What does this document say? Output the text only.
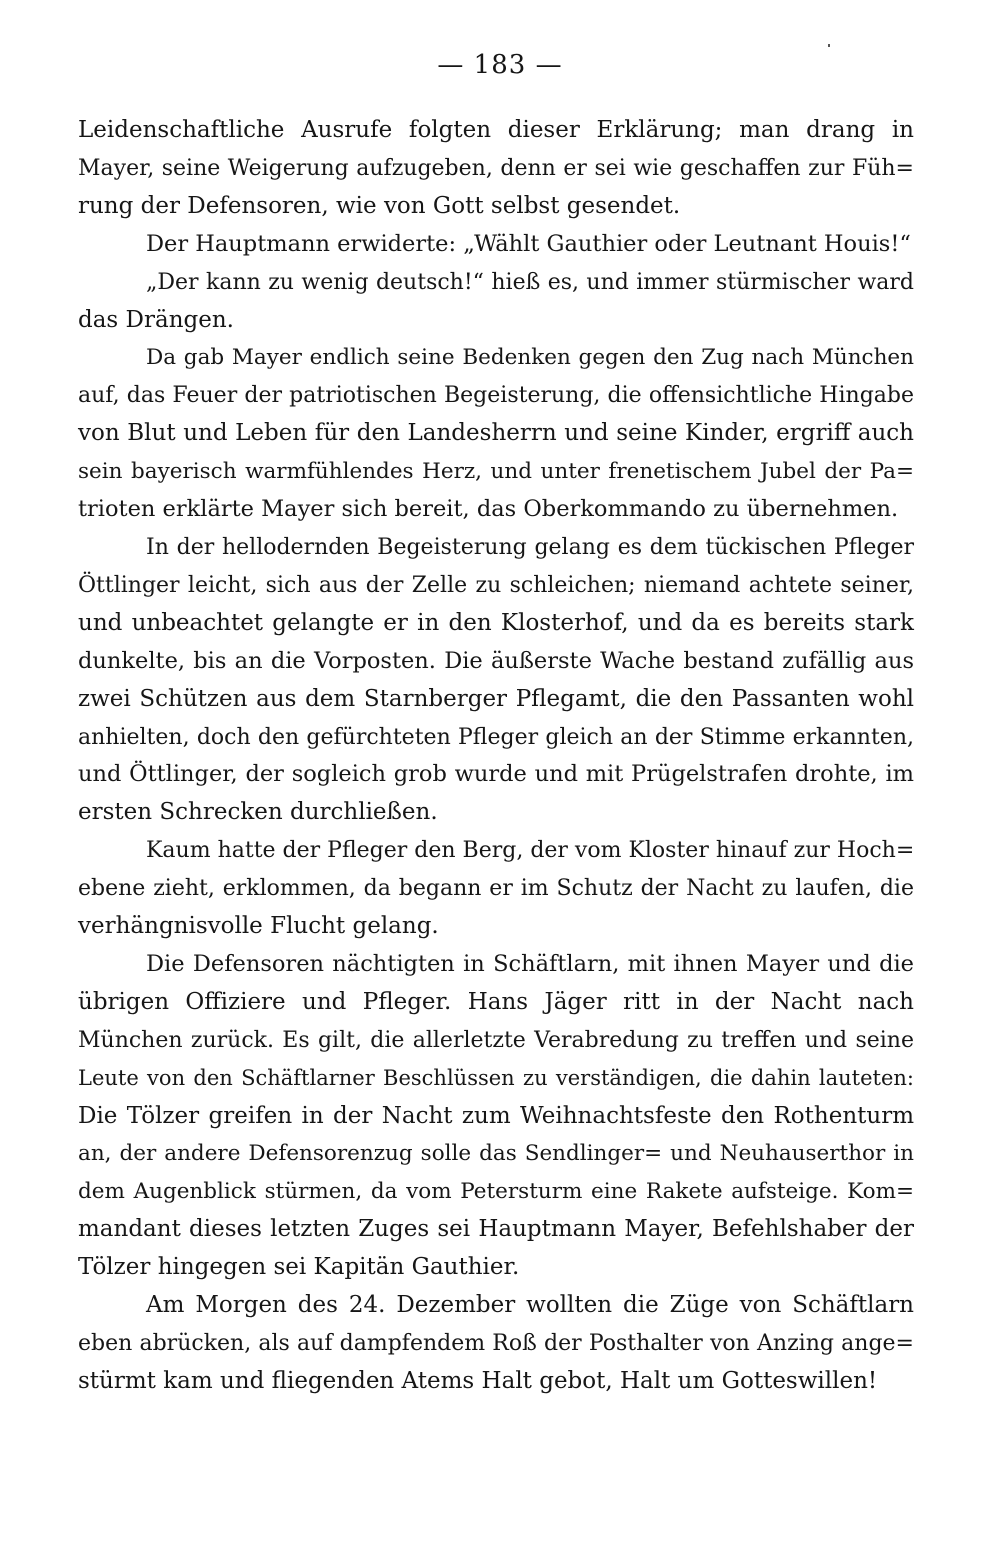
— 183 —
Leidenschaftliche Ausrufe folgten dieser Erklärung; man drang in
Mayer, seine Weigerung aufzugeben, denn er sei wie geschaffen zur Füh=
rung der Defensoren, wie von Gott selbst gesendet.
Der Hauptmann erwiderte: „Wählt Gauthier oder Leutnant Houis!“
„Der kann zu wenig deutsch!“ hieß es, und immer stürmischer ward
das Drängen.
Da gab Mayer endlich seine Bedenken gegen den Zug nach München
auf, das Feuer der patriotischen Begeisterung, die offensichtliche Hingabe
von Blut und Leben für den Landesherrn und seine Kinder, ergriff auch
sein bayerisch warmfühlendes Herz, und unter frenetischem Jubel der Pa=
trioten erklärte Mayer sich bereit, das Oberkommando zu übernehmen.
In der hellodernden Begeisterung gelang es dem tückischen Pfleger
Öttlinger leicht, sich aus der Zelle zu schleichen; niemand achtete seiner,
und unbeachtet gelangte er in den Klosterhof, und da es bereits stark
dunkelte, bis an die Vorposten. Die äußerste Wache bestand zufällig aus
zwei Schützen aus dem Starnberger Pflegamt, die den Passanten wohl
anhielten, doch den gefürchteten Pfleger gleich an der Stimme erkannten,
und Öttlinger, der sogleich grob wurde und mit Prügelstrafen drohte, im
ersten Schrecken durchließen.
Kaum hatte der Pfleger den Berg, der vom Kloster hinauf zur Hoch=
ebene zieht, erklommen, da begann er im Schutz der Nacht zu laufen, die
verhängnisvolle Flucht gelang.
Die Defensoren nächtigten in Schäftlarn, mit ihnen Mayer und die
übrigen Offiziere und Pfleger. Hans Jäger ritt in der Nacht nach
München zurück. Es gilt, die allerletzte Verabredung zu treffen und seine
Leute von den Schäftlarner Beschlüssen zu verständigen, die dahin lauteten:
Die Tölzer greifen in der Nacht zum Weihnachtsfeste den Rothenturm
an, der andere Defensorenzug solle das Sendlinger= und Neuhauserthor in
dem Augenblick stürmen, da vom Petersturm eine Rakete aufsteige. Kom=
mandant dieses letzten Zuges sei Hauptmann Mayer, Befehlshaber der
Tölzer hingegen sei Kapitän Gauthier.
Am Morgen des 24. Dezember wollten die Züge von Schäftlarn
eben abrücken, als auf dampfendem Roß der Posthalter von Anzing ange=
stürmt kam und fliegenden Atems Halt gebot, Halt um Gotteswillen!
